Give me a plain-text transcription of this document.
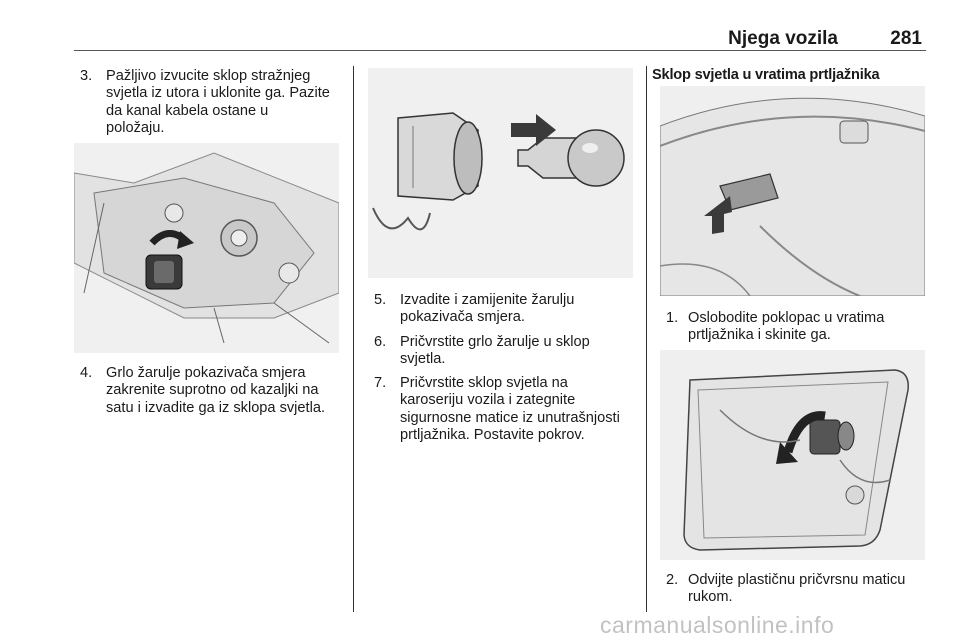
Njega vozila	281
3. Pažljivo izvucite sklop stražnjeg
svjetla iz utora i uklonite ga. Pazite
da kanal kabela ostane u
položaju.
4. Grlo žarulje pokazivača smjera
zakrenite suprotno od kazaljki na
satu i izvadite ga iz sklopa svjetla.
5. Izvadite i zamijenite žarulju
pokazivača smjera.
6. Pričvrstite grlo žarulje u sklop
svjetla.
7. Pričvrstite sklop svjetla na
karoseriju vozila i zategnite
sigurnosne matice iz unutrašnjosti
prtljažnika. Postavite pokrov.
Sklop svjetla u vratima prtljažnika
1. Oslobodite poklopac u vratima
prtljažnika i skinite ga.
2. Odvijte plastičnu pričvrsnu maticu
rukom.
carmanualsonline.info
